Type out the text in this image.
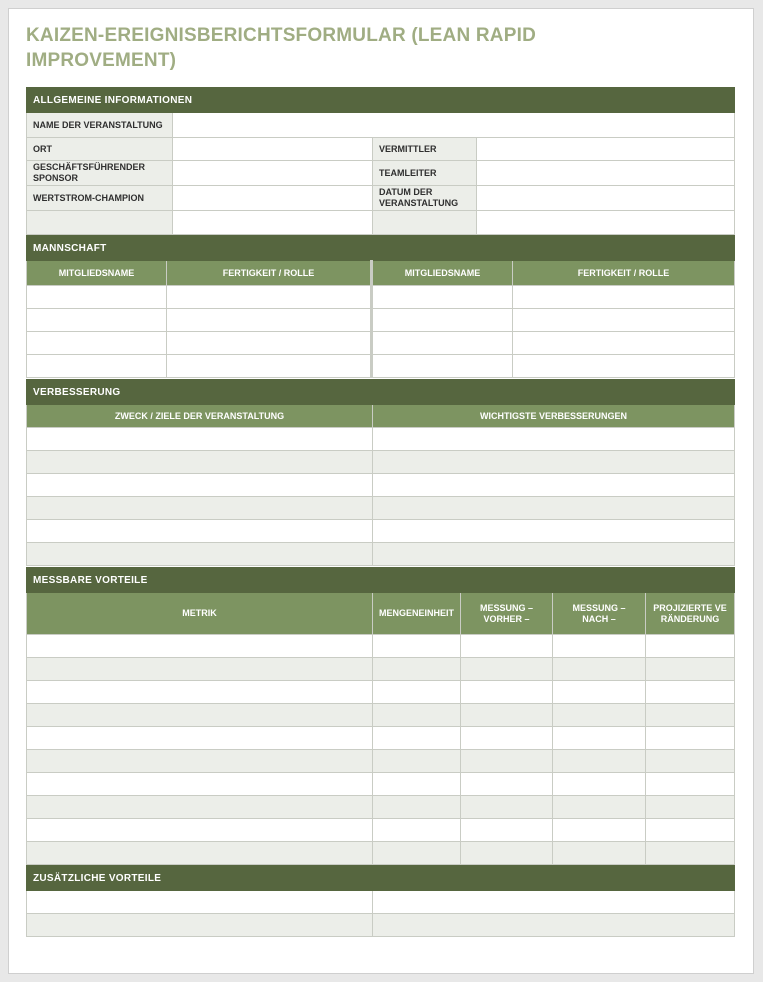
KAIZEN-EREIGNISBERICHTSFORMULAR (LEAN RAPID IMPROVEMENT)
ALLGEMEINE INFORMATIONEN			
NAME DER VERANSTALTUNG			
ORT		VERMITTLER	
GESCHÄFTSFÜHRENDER SPONSOR		TEAMLEITER	
WERTSTROM-CHAMPION		DATUM DER VERANSTALTUNG	

MANNSCHAFT			
MITGLIEDSNAME	FERTIGKEIT / ROLLE	MITGLIEDSNAME	FERTIGKEIT / ROLLE

VERBESSERUNG	
ZWECK / ZIELE DER VERANSTALTUNG	WICHTIGSTE VERBESSERUNGEN

MESSBARE VORTEILE				
METRIK	MENGENEINHEIT	MESSUNG – VORHER –	MESSUNG – NACH –	PROJIZIERTE VERÄNDERUNG

ZUSÄTZLICHE VORTEILE	
